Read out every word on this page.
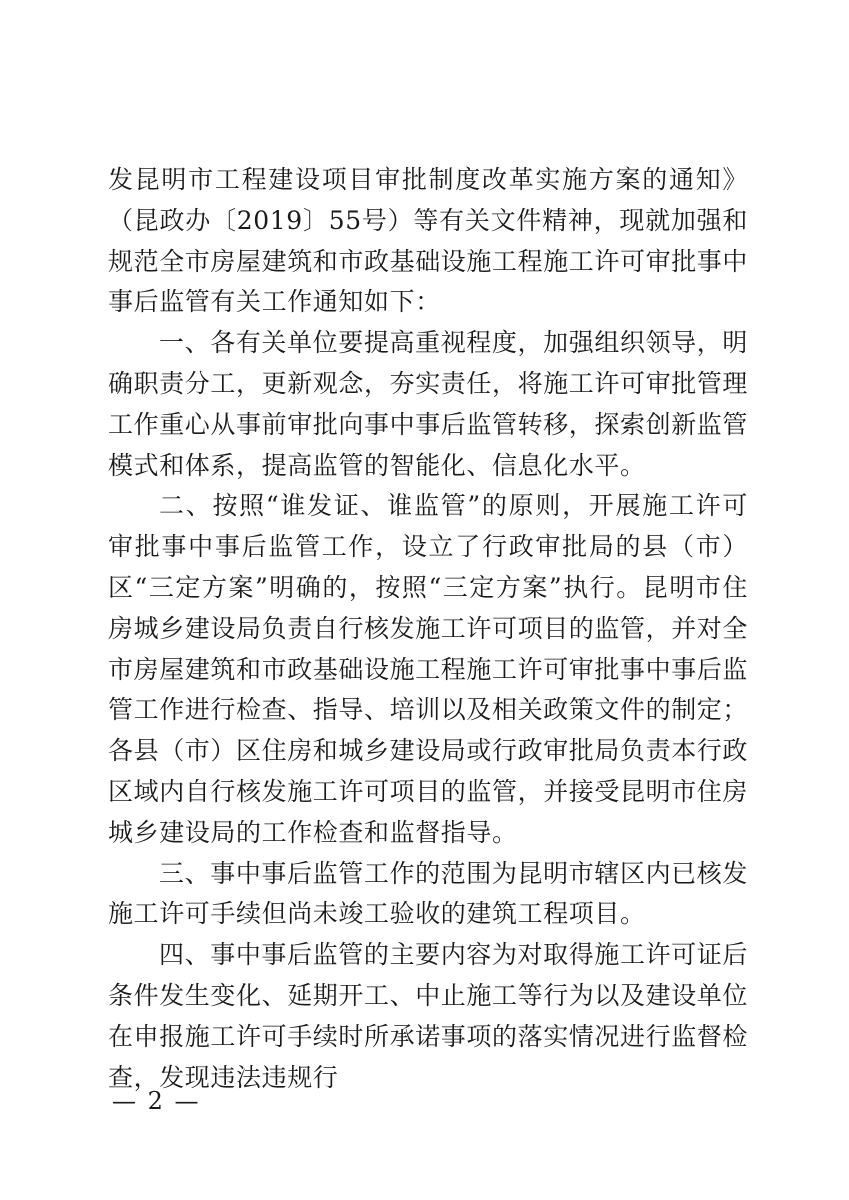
发昆明市工程建设项目审批制度改革实施方案的通知》（昆政办〔2019〕55号）等有关文件精神，现就加强和规范全市房屋建筑和市政基础设施工程施工许可审批事中事后监管有关工作通知如下：

一、各有关单位要提高重视程度，加强组织领导，明确职责分工，更新观念，夯实责任，将施工许可审批管理工作重心从事前审批向事中事后监管转移，探索创新监管模式和体系，提高监管的智能化、信息化水平。

二、按照“谁发证、谁监管”的原则，开展施工许可审批事中事后监管工作，设立了行政审批局的县（市）区“三定方案”明确的，按照“三定方案”执行。昆明市住房城乡建设局负责自行核发施工许可项目的监管，并对全市房屋建筑和市政基础设施工程施工许可审批事中事后监管工作进行检查、指导、培训以及相关政策文件的制定；各县（市）区住房和城乡建设局或行政审批局负责本行政区域内自行核发施工许可项目的监管，并接受昆明市住房城乡建设局的工作检查和监督指导。

三、事中事后监管工作的范围为昆明市辖区内已核发施工许可手续但尚未竣工验收的建筑工程项目。

四、事中事后监管的主要内容为对取得施工许可证后条件发生变化、延期开工、中止施工等行为以及建设单位在申报施工许可手续时所承诺事项的落实情况进行监督检查，发现违法违规行

— 2 —
